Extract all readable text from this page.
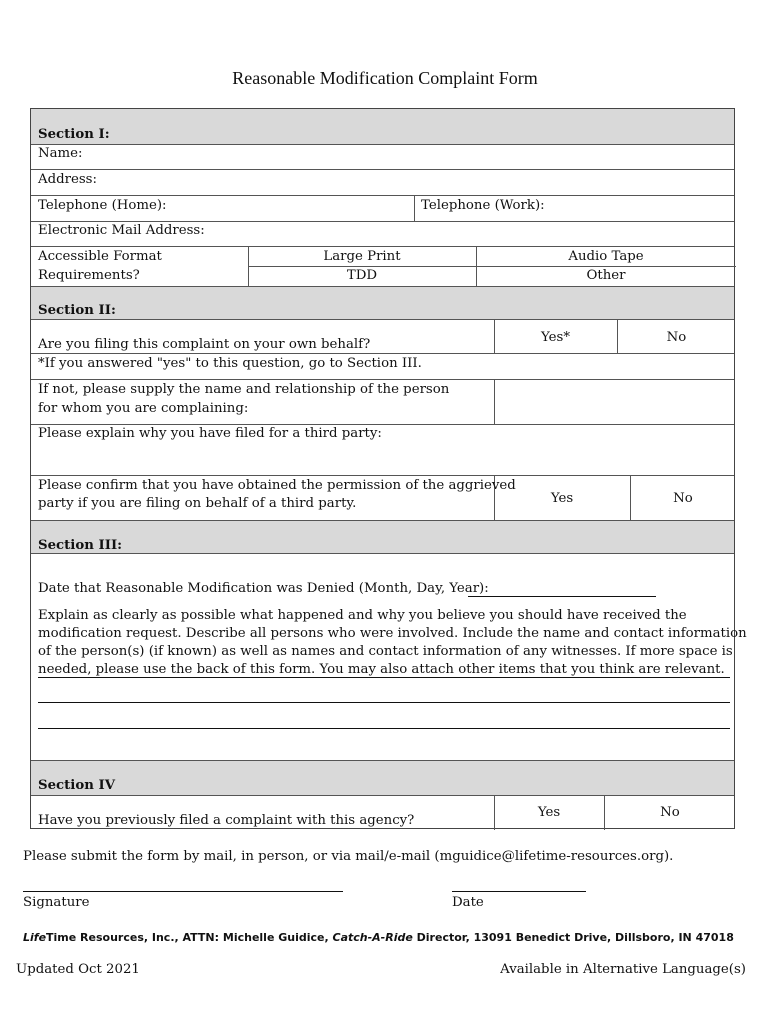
Reasonable Modification Complaint Form
Section I:
Name:
Address:
Telephone (Home):	Telephone (Work):
Electronic Mail Address:
Accessible Format
Requirements?
Large Print	Audio Tape
TDD	Other
Section II:
Are you filing this complaint on your own behalf?	Yes*	No
*If you answered "yes" to this question, go to Section III.
If not, please supply the name and relationship of the person
for whom you are complaining:
Please explain why you have filed for a third party:
Please confirm that you have obtained the permission of the aggrieved
party if you are filing on behalf of a third party.	Yes	No
Section III:
Date that Reasonable Modification was Denied (Month, Day, Year):
Explain as clearly as possible what happened and why you believe you should have received the
modification request. Describe all persons who were involved. Include the name and contact information
of the person(s) (if known) as well as names and contact information of any witnesses. If more space is
needed, please use the back of this form. You may also attach other items that you think are relevant.
Section IV
Have you previously filed a complaint with this agency?
Yes	No
Please submit the form by mail, in person, or via mail/e-mail (mguidice@lifetime-resources.org).
Signature	Date
LifeTime Resources, Inc., ATTN: Michelle Guidice, Catch-A-Ride Director, 13091 Benedict Drive, Dillsboro, IN 47018
Updated Oct 2021	Available in Alternative Language(s)
